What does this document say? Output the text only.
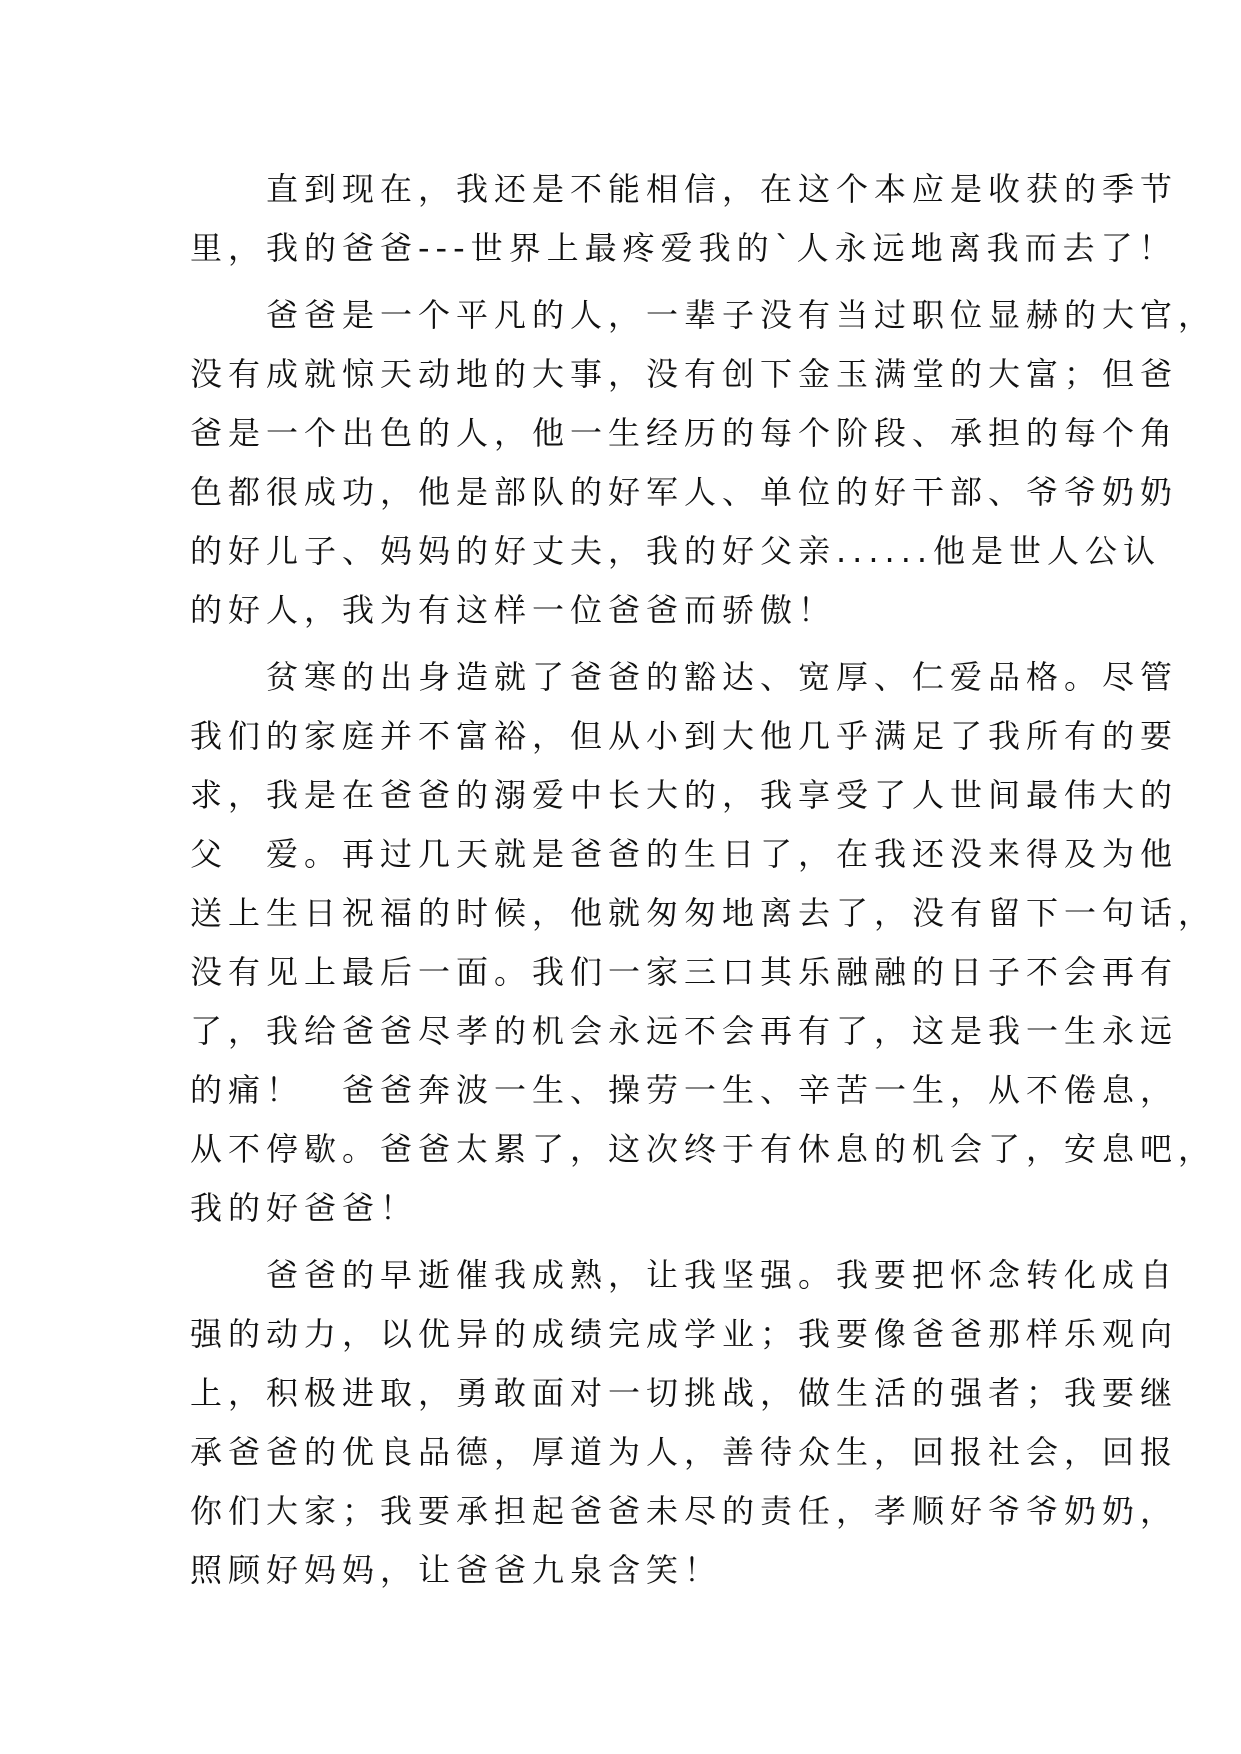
　　直到现在，我还是不能相信，在这个本应是收获的季节
里，我的爸爸---世界上最疼爱我的`人永远地离我而去了！
　　爸爸是一个平凡的人，一辈子没有当过职位显赫的大官，
没有成就惊天动地的大事，没有创下金玉满堂的大富；但爸
爸是一个出色的人，他一生经历的每个阶段、承担的每个角
色都很成功，他是部队的好军人、单位的好干部、爷爷奶奶
的好儿子、妈妈的好丈夫，我的好父亲......他是世人公认
的好人，我为有这样一位爸爸而骄傲！
　　贫寒的出身造就了爸爸的豁达、宽厚、仁爱品格。尽管
我们的家庭并不富裕，但从小到大他几乎满足了我所有的要
求，我是在爸爸的溺爱中长大的，我享受了人世间最伟大的
父　爱。再过几天就是爸爸的生日了，在我还没来得及为他
送上生日祝福的时候，他就匆匆地离去了，没有留下一句话，
没有见上最后一面。我们一家三口其乐融融的日子不会再有
了，我给爸爸尽孝的机会永远不会再有了，这是我一生永远
的痛！　爸爸奔波一生、操劳一生、辛苦一生，从不倦息，
从不停歇。爸爸太累了，这次终于有休息的机会了，安息吧，
我的好爸爸！
　　爸爸的早逝催我成熟，让我坚强。我要把怀念转化成自
强的动力，以优异的成绩完成学业；我要像爸爸那样乐观向
上，积极进取，勇敢面对一切挑战，做生活的强者；我要继
承爸爸的优良品德，厚道为人，善待众生，回报社会，回报
你们大家；我要承担起爸爸未尽的责任，孝顺好爷爷奶奶，
照顾好妈妈，让爸爸九泉含笑！
